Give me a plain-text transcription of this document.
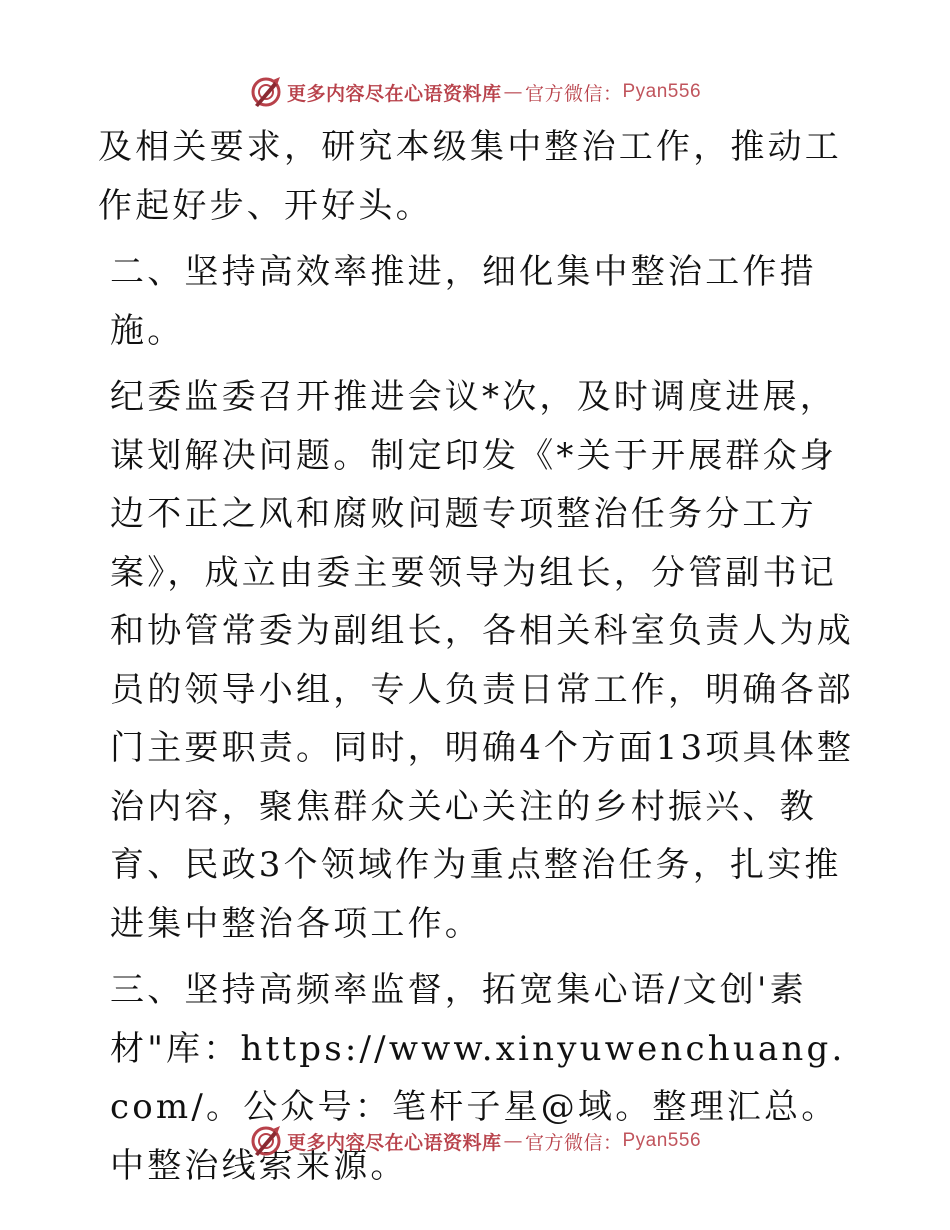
更多内容尽在心语资料库 — 官方微信： Pyan556

及相关要求，研究本级集中整治工作，推动工作起好步、开好头。

二、坚持高效率推进，细化集中整治工作措施。

纪委监委召开推进会议*次，及时调度进展，谋划解决问题。制定印发《*关于开展群众身边不正之风和腐败问题专项整治任务分工方案》，成立由委主要领导为组长，分管副书记和协管常委为副组长，各相关科室负责人为成员的领导小组，专人负责日常工作，明确各部门主要职责。同时，明确4个方面13项具体整治内容，聚焦群众关心关注的乡村振兴、教育、民政3个领域作为重点整治任务，扎实推进集中整治各项工作。

三、坚持高频率监督，拓宽集心语/文创'素材"库：https://www.xinyuwenchuang.com/。公众号：笔杆子星@域。整理汇总。中整治线索来源。

更多内容尽在心语资料库 — 官方微信： Pyan556
